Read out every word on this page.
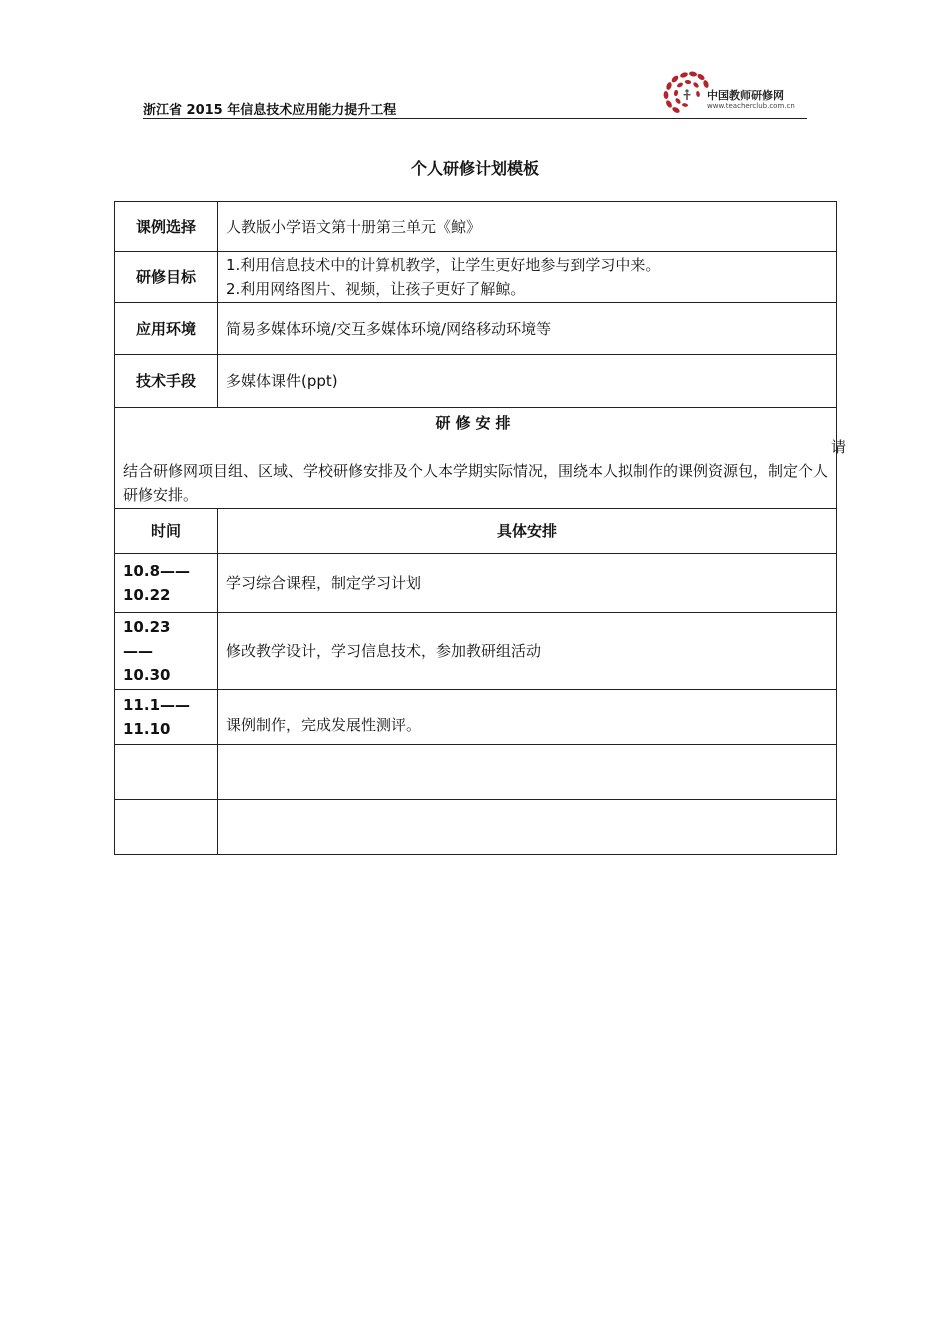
浙江省 2015 年信息技术应用能力提升工程
中国教师研修网
www.teacherclub.com.cn
个人研修计划模板
课例选择	人教版小学语文第十册第三单元《鲸》
研修目标	1.利用信息技术中的计算机教学，让学生更好地参与到学习中来。
2.利用网络图片、视频，让孩子更好了解鲸。

应用环境	简易多媒体环境/交互多媒体环境/网络移动环境等
技术手段	多媒体课件(ppt)

研修安排
请
结合研修网项目组、区域、学校研修安排及个人本学期实际情况，围绕本人拟制作的课例资源包，制定个人研修安排。	

时间	具体安排

10.8——
10.22	学习综合课程，制定学习计划

10.23
——
10.30	修改教学设计，学习信息技术，参加教研组活动

11.1——
11.10	课例制作，完成发展性测评。
